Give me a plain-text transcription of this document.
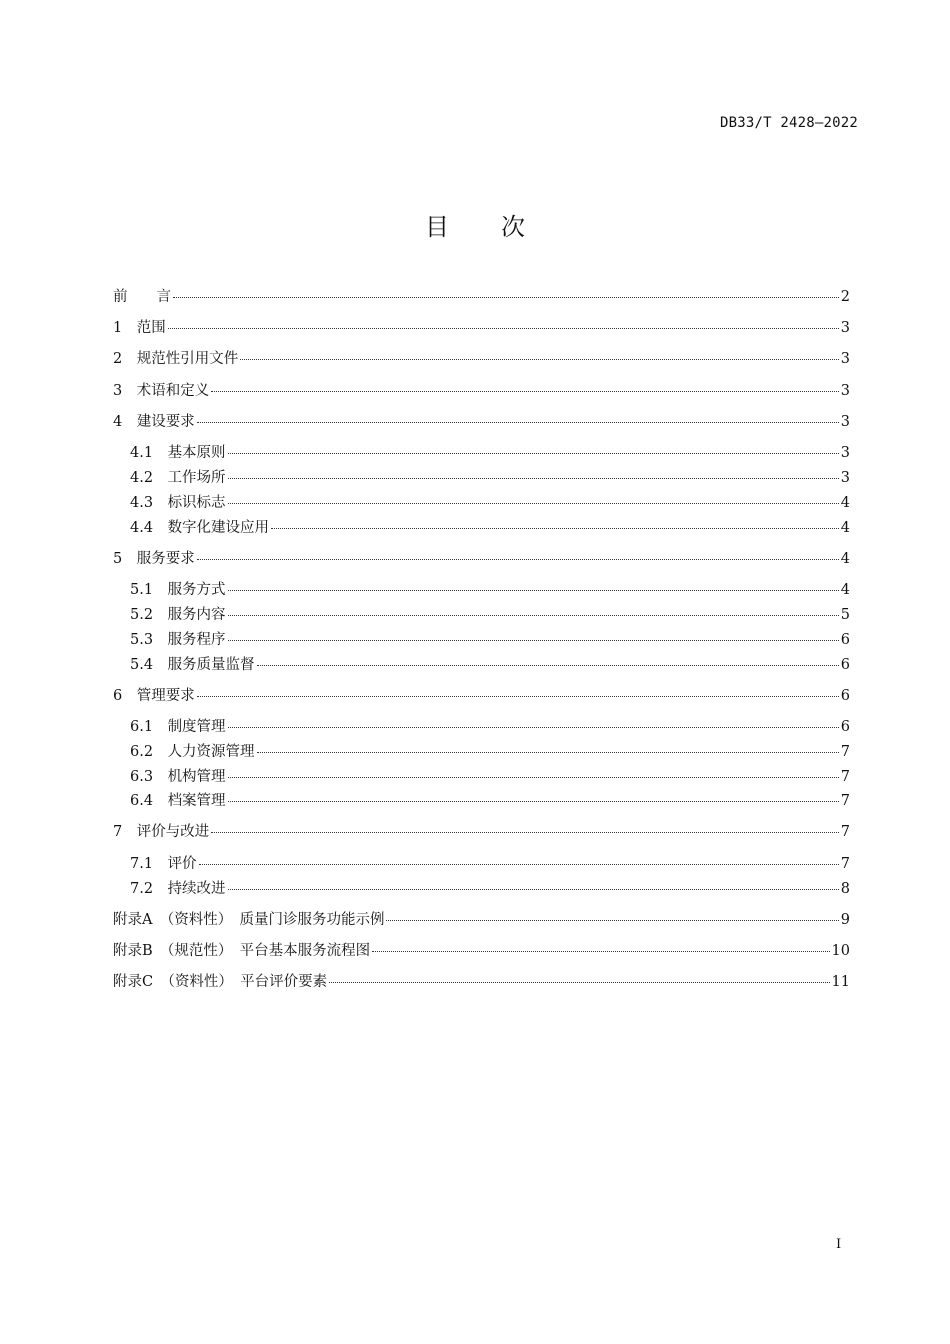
DB33/T 2428—2022
目 次
前　　言	2
1　 范围	3
2　 规范性引用文件	3
3　 术语和定义	3
4　 建设要求	3
4.1　 基本原则	3
4.2　 工作场所	3
4.3　 标识标志	4
4.4　 数字化建设应用	4
5　 服务要求	4
5.1　 服务方式	4
5.2　 服务内容	5
5.3　 服务程序	6
5.4　 服务质量监督	6
6　 管理要求	6
6.1　 制度管理	6
6.2　 人力资源管理	7
6.3　 机构管理	7
6.4　 档案管理	7
7　 评价与改进	7
7.1　 评价	7
7.2　 持续改进	8
附录A　（资料性）　 质量门诊服务功能示例	9
附录B　（规范性）　 平台基本服务流程图	10
附录C　（资料性）　 平台评价要素	11
I
